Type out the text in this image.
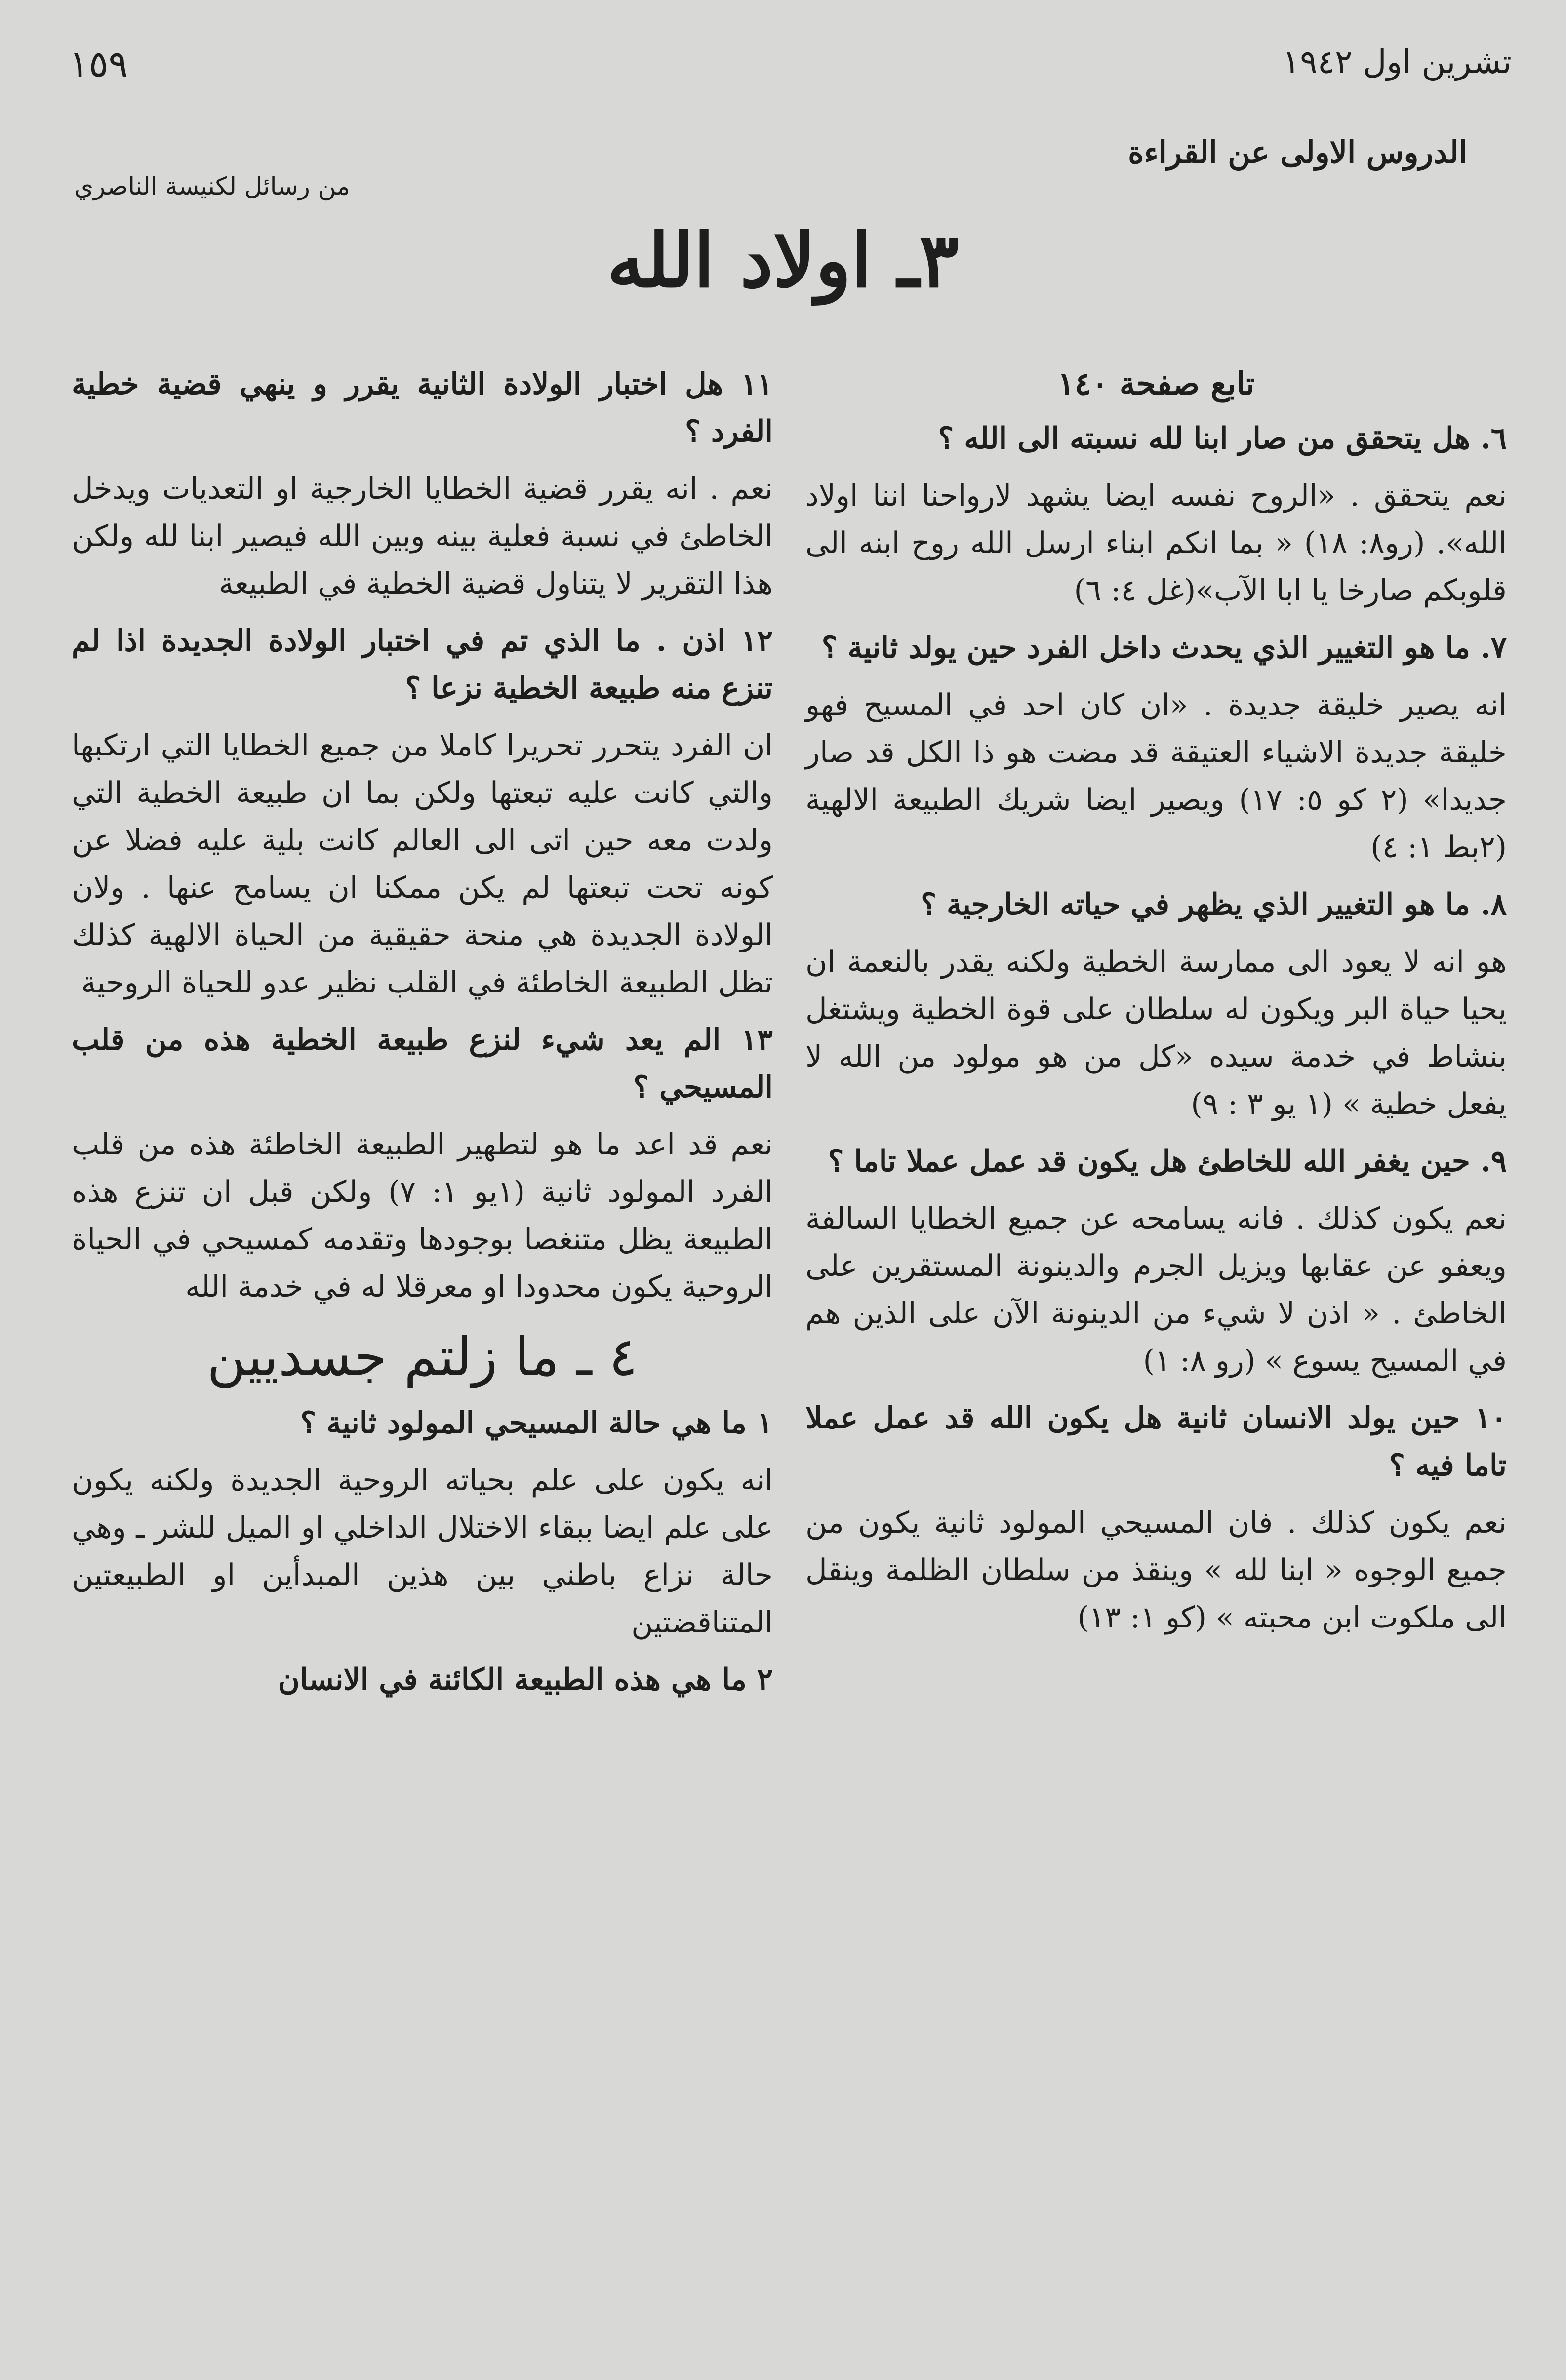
تشرين اول ١٩٤٢
١٥٩
الدروس الاولى عن القراءة
من رسائل لكنيسة الناصري
٣ـ اولاد الله

تابع صفحة ١٤٠

٦. هل يتحقق من صار ابنا لله نسبته الى الله ؟

نعم يتحقق . «الروح نفسه ايضا يشهد لارواحنا اننا اولاد الله». (رو٨: ١٨) « بما انكم ابناء ارسل الله روح ابنه الى قلوبكم صارخا يا ابا الآب»(غل ٤: ٦)

٧. ما هو التغيير الذي يحدث داخل الفرد حين يولد ثانية ؟

انه يصير خليقة جديدة . «ان كان احد في المسيح فهو خليقة جديدة الاشياء العتيقة قد مضت هو ذا الكل قد صار جديدا» (٢ كو ٥: ١٧) ويصير ايضا شريك الطبيعة الالهية (٢بط ١: ٤)

٨. ما هو التغيير الذي يظهر في حياته الخارجية ؟

هو انه لا يعود الى ممارسة الخطية ولكنه يقدر بالنعمة ان يحيا حياة البر ويكون له سلطان على قوة الخطية ويشتغل بنشاط في خدمة سيده «كل من هو مولود من الله لا يفعل خطية » (١ يو ٣ : ٩)

٩. حين يغفر الله للخاطئ هل يكون قد عمل عملا تاما ؟

نعم يكون كذلك . فانه يسامحه عن جميع الخطايا السالفة ويعفو عن عقابها ويزيل الجرم والدينونة المستقرين على الخاطئ . « اذن لا شيء من الدينونة الآن على الذين هم في المسيح يسوع » (رو ٨: ١)

١٠ حين يولد الانسان ثانية هل يكون الله قد عمل عملا تاما فيه ؟

نعم يكون كذلك . فان المسيحي المولود ثانية يكون من جميع الوجوه « ابنا لله » وينقذ من سلطان الظلمة وينقل الى ملكوت ابن محبته » (كو ١: ١٣)

١١ هل اختبار الولادة الثانية يقرر و ينهي قضية خطية الفرد ؟

نعم . انه يقرر قضية الخطايا الخارجية او التعديات ويدخل الخاطئ في نسبة فعلية بينه وبين الله فيصير ابنا لله ولكن هذا التقرير لا يتناول قضية الخطية في الطبيعة

١٢ اذن . ما الذي تم في اختبار الولادة الجديدة اذا لم تنزع منه طبيعة الخطية نزعا ؟

ان الفرد يتحرر تحريرا كاملا من جميع الخطايا التي ارتكبها والتي كانت عليه تبعتها ولكن بما ان طبيعة الخطية التي ولدت معه حين اتى الى العالم كانت بلية عليه فضلا عن كونه تحت تبعتها لم يكن ممكنا ان يسامح عنها . ولان الولادة الجديدة هي منحة حقيقية من الحياة الالهية كذلك تظل الطبيعة الخاطئة في القلب نظير عدو للحياة الروحية

١٣ الم يعد شيء لنزع طبيعة الخطية هذه من قلب المسيحي ؟

نعم قد اعد ما هو لتطهير الطبيعة الخاطئة هذه من قلب الفرد المولود ثانية (١يو ١: ٧) ولكن قبل ان تنزع هذه الطبيعة يظل متنغصا بوجودها وتقدمه كمسيحي في الحياة الروحية يكون محدودا او معرقلا له في خدمة الله

٤ ـ ما زلتم جسديين

١ ما هي حالة المسيحي المولود ثانية ؟

انه يكون على علم بحياته الروحية الجديدة ولكنه يكون على علم ايضا ببقاء الاختلال الداخلي او الميل للشر ـ وهي حالة نزاع باطني بين هذين المبدأين او الطبيعتين المتناقضتين

٢ ما هي هذه الطبيعة الكائنة في الانسان
